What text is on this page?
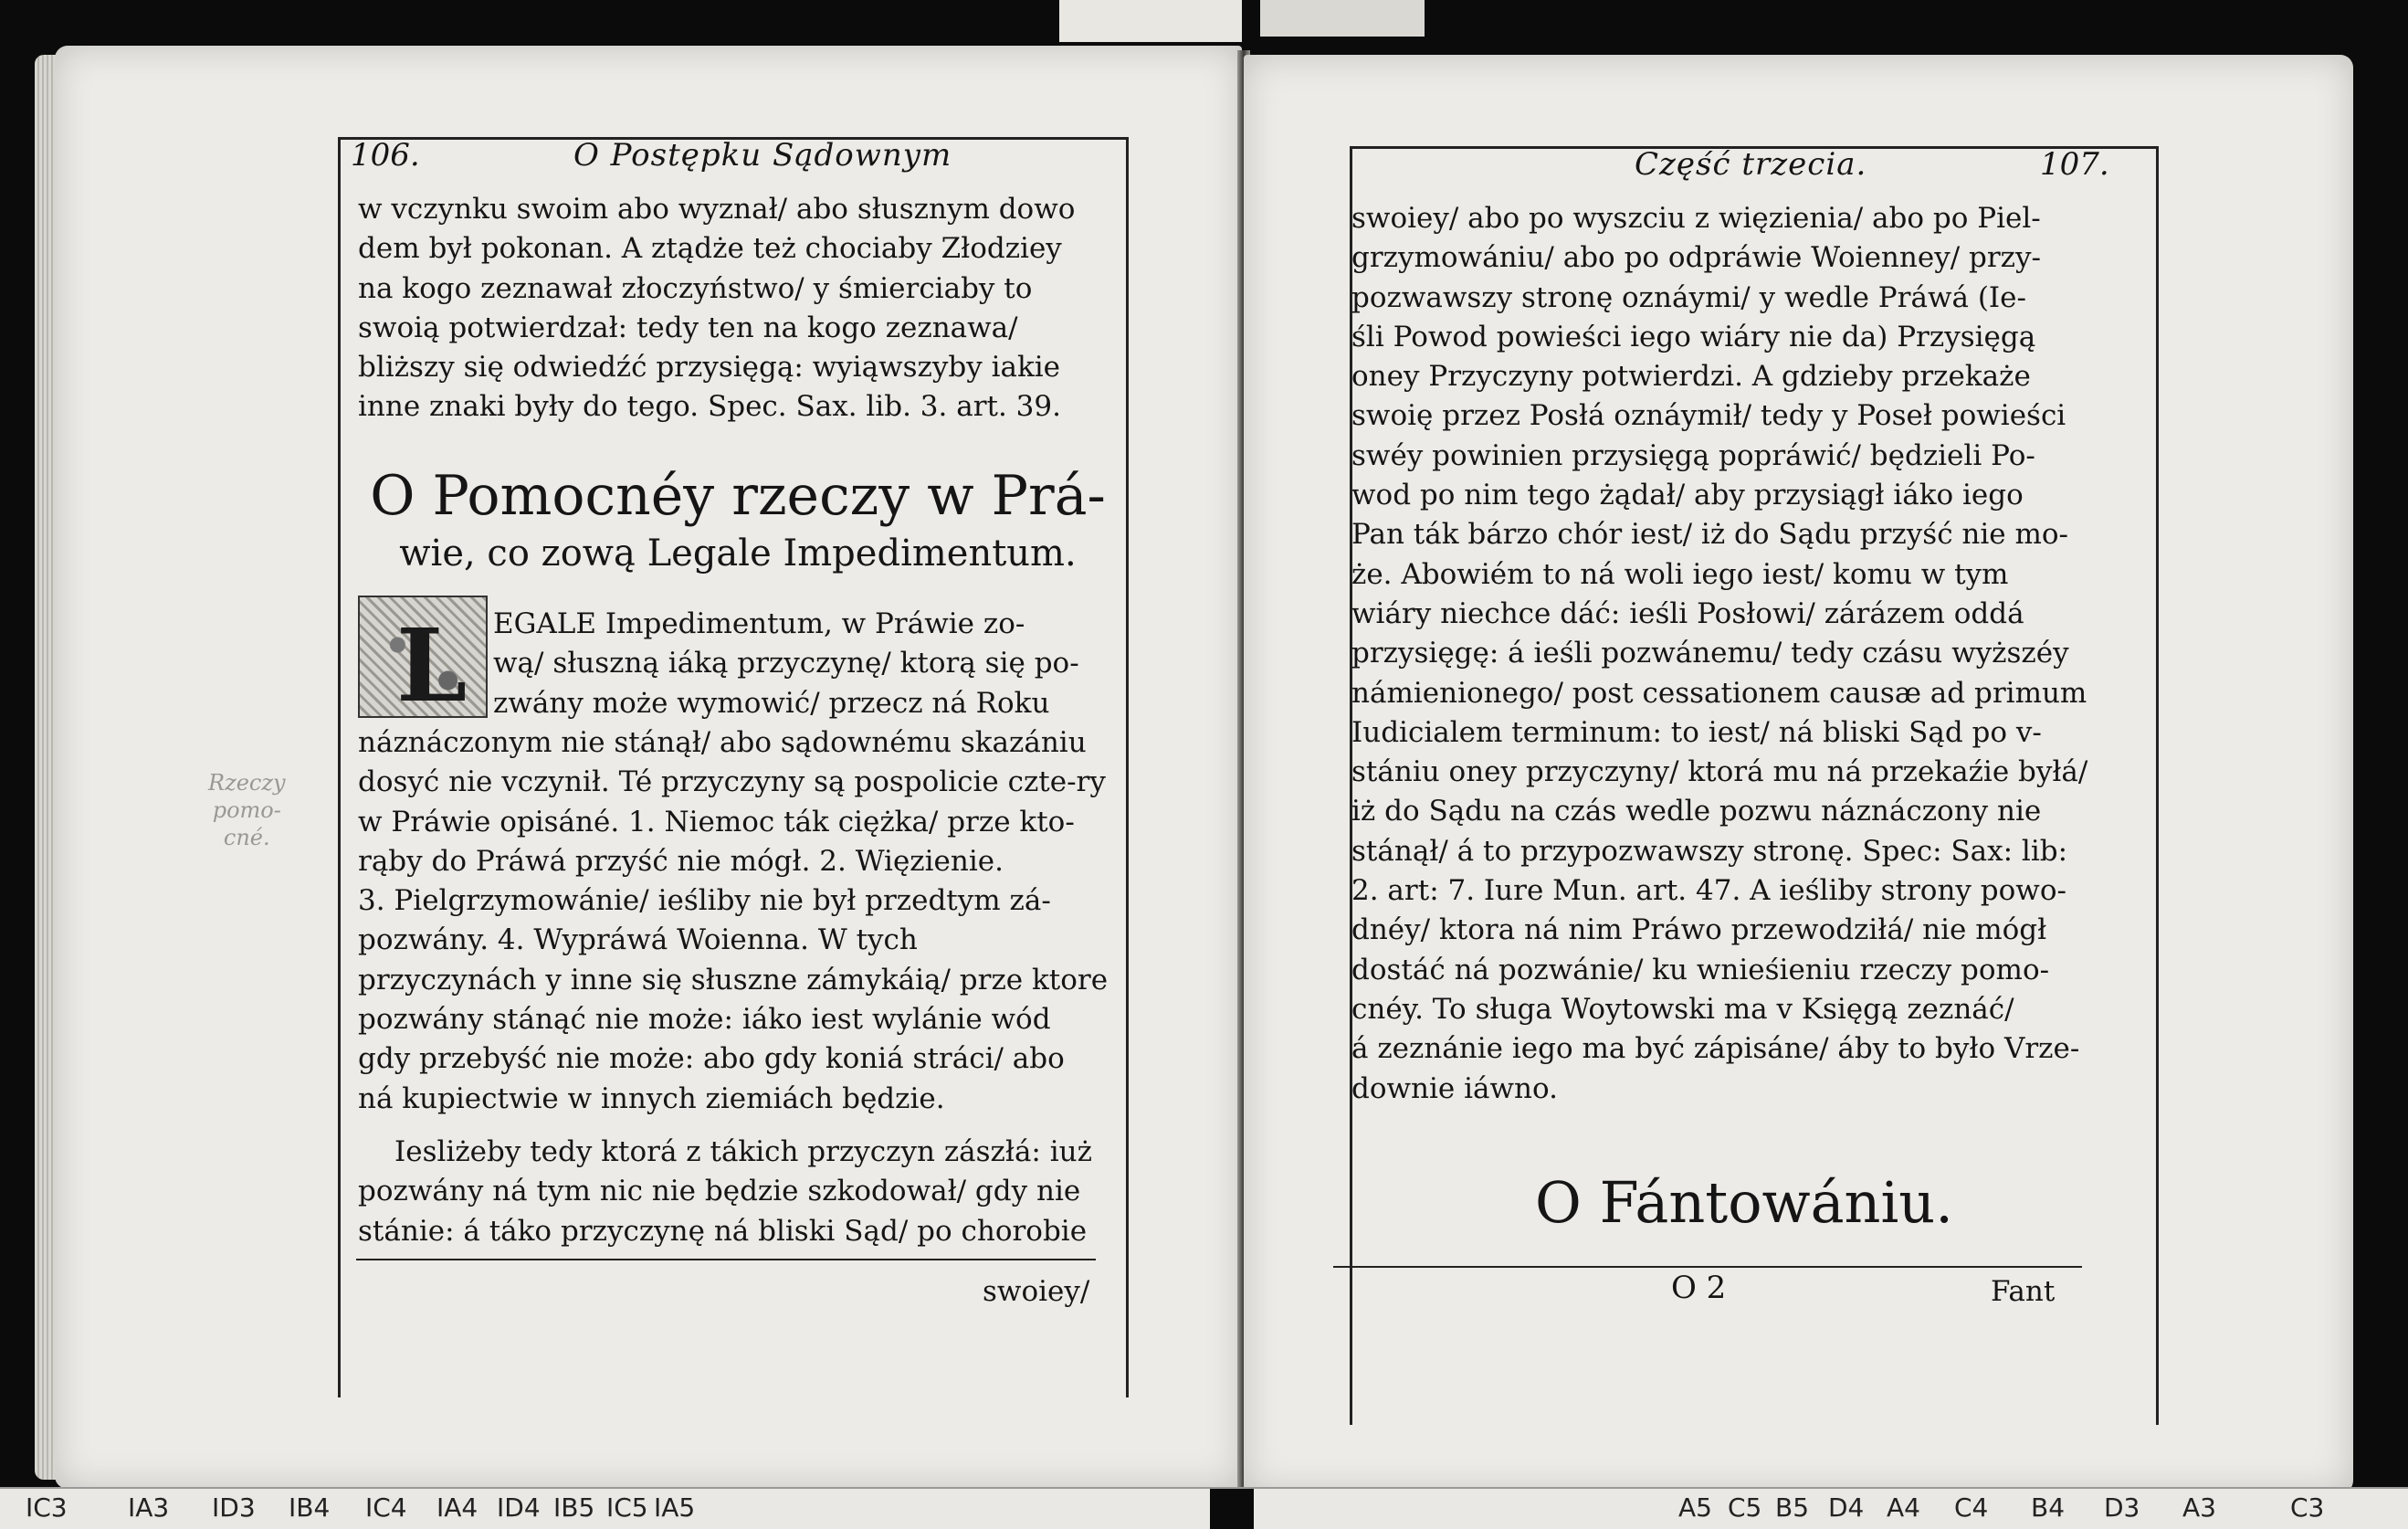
106.	O Postępku Sądownym
w vczynku swoim abo wyznał/ abo słusznym dowo
dem był pokonan. A ztądże też chociaby Złodziey
na kogo zeznawał złoczyństwo/ y śmierciaby to
swoią potwierdzał: tedy ten na kogo zeznawa/
bliższy się odwiedźć przysięgą: wyiąwszyby iakie
inne znaki były do tego. Spec. Sax. lib. 3. art. 39.
O Pomocnéy rzeczy w Prá-
wie, co zową Legale Impedimentum.
L EGALE Impedimentum, w Práwie zo-
wą/ słuszną iáką przyczynę/ ktorą się po-
zwány może wymowić/ przecz ná Roku
náznáczonym nie stánął/ abo sądownému skazániu
dosyć nie vczynił. Té przyczyny są pospolicie czte-ry
w Práwie opisáné. 1. Niemoc ták ciężka/ prze kto-
rąby do Práwá przyść nie mógł. 2. Więzienie.
3. Pielgrzymowánie/ ieśliby nie był przedtym zá-
pozwány. 4. Wypráwá Woienna. W tych
przyczynách y inne się słuszne zámykáią/ prze ktore
pozwány stánąć nie może: iáko iest wylánie wód
gdy przebyść nie może: abo gdy koniá stráci/ abo
ná kupiectwie w innych ziemiách będzie.
Iesliżeby tedy ktorá z tákich przyczyn zászłá: iuż
pozwány ná tym nic nie będzie szkodował/ gdy nie
stánie: á táko przyczynę ná bliski Sąd/ po chorobie
swoiey/
Rzeczy
pomo-
cné.
Część trzecia.	107.
swoiey/ abo po wyszciu z więzienia/ abo po Piel-
grzymowániu/ abo po odpráwie Woienney/ przy-
pozwawszy stronę oznáymi/ y wedle Práwá (Ie-
śli Powod powieści iego wiáry nie da) Przysięgą
oney Przyczyny potwierdzi. A gdzieby przekaże
swoię przez Posłá oznáymił/ tedy y Poseł powieści
swéy powinien przysięgą popráwić/ będzieli Po-
wod po nim tego żądał/ aby przysiągł iáko iego
Pan ták bárzo chór iest/ iż do Sądu przyść nie mo-
że. Abowiém to ná woli iego iest/ komu w tym
wiáry niechce dáć: ieśli Posłowi/ zárázem oddá
przysięgę: á ieśli pozwánemu/ tedy czásu wyższéy
námienionego/ post cessationem causæ ad primum
Iudicialem terminum: to iest/ ná bliski Sąd po v-
stániu oney przyczyny/ ktorá mu ná przekaźie byłá/
iż do Sądu na czás wedle pozwu náznáczony nie
stánął/ á to przypozwawszy stronę. Spec: Sax: lib:
2. art: 7. Iure Mun. art. 47. A ieśliby strony powo-
dnéy/ ktora ná nim Práwo przewodziłá/ nie mógł
dostáć ná pozwánie/ ku wnieśieniu rzeczy pomo-
cnéy. To sługa Woytowski ma v Księgą zeznáć/
á zeznánie iego ma być zápisáne/ áby to było Vrze-
downie iáwno.
O Fántowániu.
O 2	Fant
IC3 IA3 ID3 IB4 IC4 IA4 ID4 IB5 IC5 IA5	A5 C5 B5 D4 A4 C4 B4 D3 A3	C3
